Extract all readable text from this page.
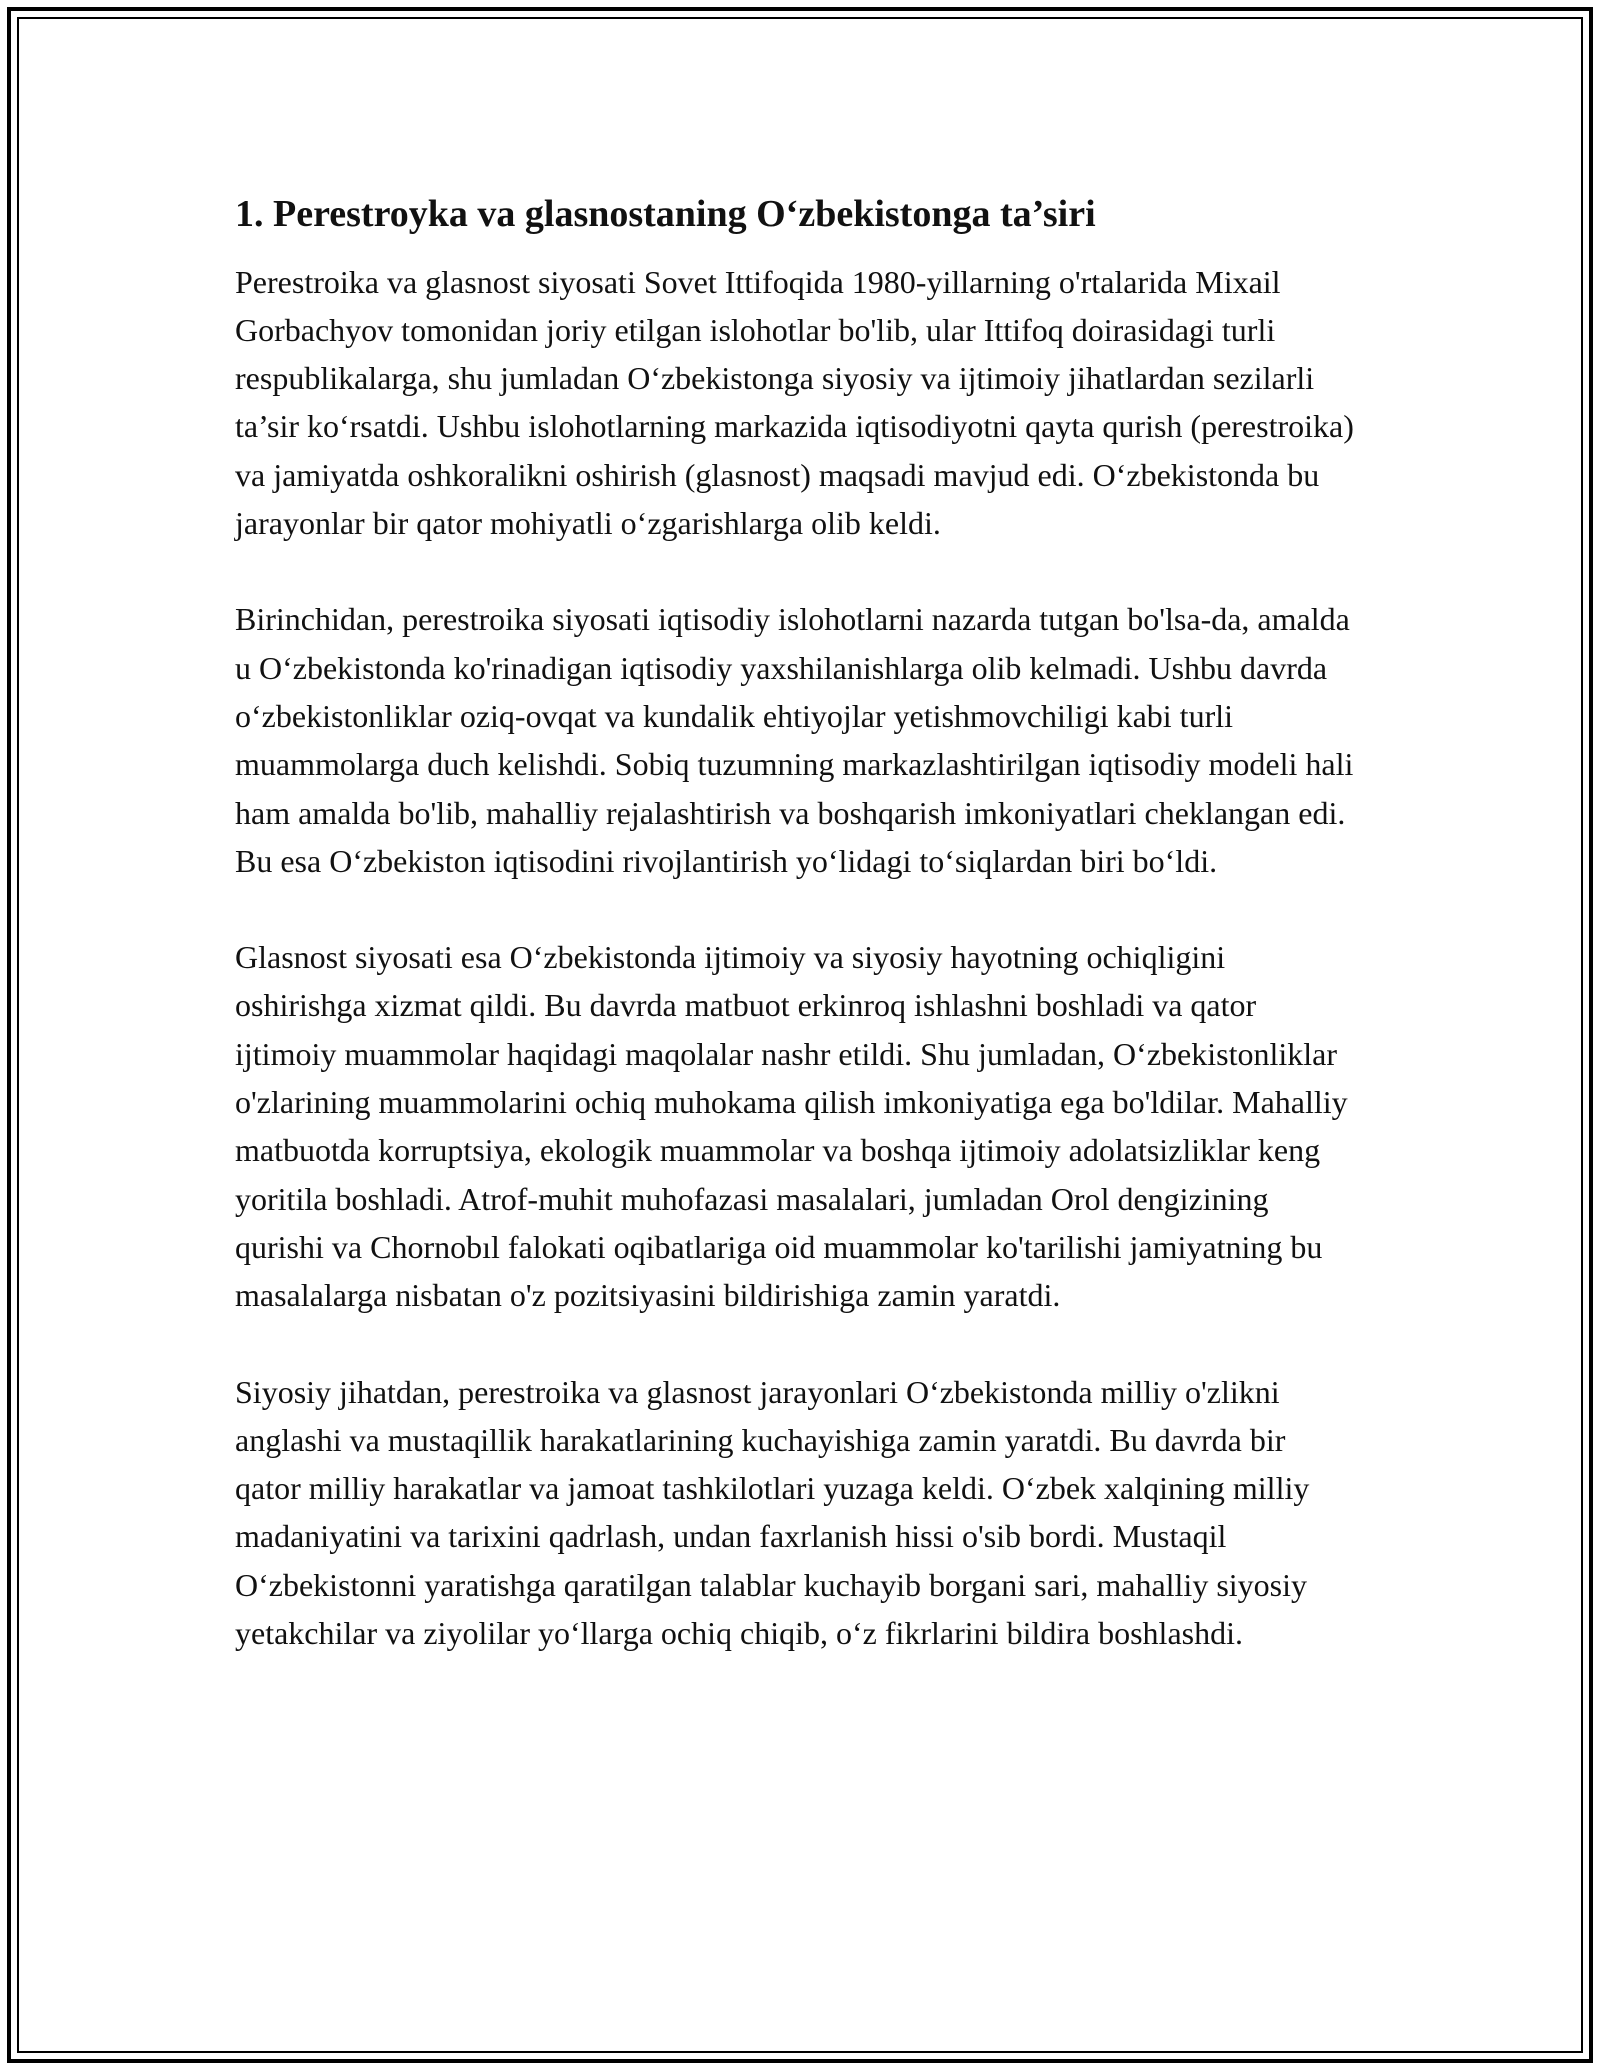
1. Perestroyka va glasnostaning O‘zbekistonga ta’siri

Perestroika va glasnost siyosati Sovet Ittifoqida 1980-yillarning o'rtalarida Mixail Gorbachyov tomonidan joriy etilgan islohotlar bo'lib, ular Ittifoq doirasidagi turli respublikalarga, shu jumladan O‘zbekistonga siyosiy va ijtimoiy jihatlardan sezilarli ta’sir ko‘rsatdi. Ushbu islohotlarning markazida iqtisodiyotni qayta qurish (perestroika) va jamiyatda oshkoralikni oshirish (glasnost) maqsadi mavjud edi. O‘zbekistonda bu jarayonlar bir qator mohiyatli o‘zgarishlarga olib keldi.

Birinchidan, perestroika siyosati iqtisodiy islohotlarni nazarda tutgan bo'lsa-da, amalda u O‘zbekistonda ko'rinadigan iqtisodiy yaxshilanishlarga olib kelmadi. Ushbu davrda o‘zbekistonliklar oziq-ovqat va kundalik ehtiyojlar yetishmovchiligi kabi turli muammolarga duch kelishdi. Sobiq tuzumning markazlashtirilgan iqtisodiy modeli hali ham amalda bo'lib, mahalliy rejalashtirish va boshqarish imkoniyatlari cheklangan edi. Bu esa O‘zbekiston iqtisodini rivojlantirish yo‘lidagi to‘siqlardan biri bo‘ldi.

Glasnost siyosati esa O‘zbekistonda ijtimoiy va siyosiy hayotning ochiqligini oshirishga xizmat qildi. Bu davrda matbuot erkinroq ishlashni boshladi va qator ijtimoiy muammolar haqidagi maqolalar nashr etildi. Shu jumladan, O‘zbekistonliklar o'zlarining muammolarini ochiq muhokama qilish imkoniyatiga ega bo'ldilar. Mahalliy matbuotda korruptsiya, ekologik muammolar va boshqa ijtimoiy adolatsizliklar keng yoritila boshladi. Atrof-muhit muhofazasi masalalari, jumladan Orol dengizining qurishi va Chornobıl falokati oqibatlariga oid muammolar ko'tarilishi jamiyatning bu masalalarga nisbatan o'z pozitsiyasini bildirishiga zamin yaratdi.

Siyosiy jihatdan, perestroika va glasnost jarayonlari O‘zbekistonda milliy o'zlikni anglashi va mustaqillik harakatlarining kuchayishiga zamin yaratdi. Bu davrda bir qator milliy harakatlar va jamoat tashkilotlari yuzaga keldi. O‘zbek xalqining milliy madaniyatini va tarixini qadrlash, undan faxrlanish hissi o'sib bordi. Mustaqil O‘zbekistonni yaratishga qaratilgan talablar kuchayib borgani sari, mahalliy siyosiy yetakchilar va ziyolilar yo‘llarga ochiq chiqib, o‘z fikrlarini bildira boshlashdi.
